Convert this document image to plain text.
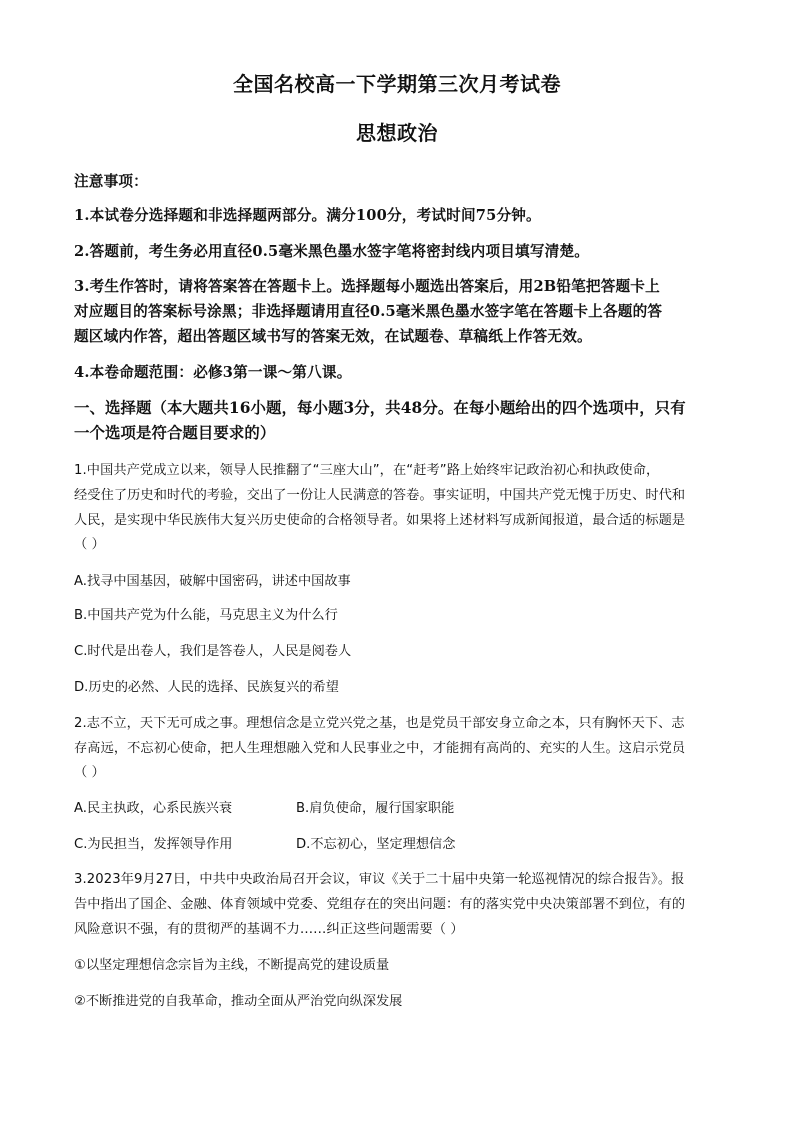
全国名校高一下学期第三次月考试卷
思想政治
注意事项：
1.本试卷分选择题和非选择题两部分。满分100分，考试时间75分钟。
2.答题前，考生务必用直径0.5毫米黑色墨水签字笔将密封线内项目填写清楚。
3.考生作答时，请将答案答在答题卡上。选择题每小题选出答案后，用2B铅笔把答题卡上
对应题目的答案标号涂黑；非选择题请用直径0.5毫米黑色墨水签字笔在答题卡上各题的答
题区域内作答，超出答题区域书写的答案无效，在试题卷、草稿纸上作答无效。
4.本卷命题范围：必修3第一课～第八课。
一、选择题（本大题共16小题，每小题3分，共48分。在每小题给出的四个选项中，只有
一个选项是符合题目要求的）
1.中国共产党成立以来，领导人民推翻了“三座大山”，在“赶考”路上始终牢记政治初心和执政使命，
经受住了历史和时代的考验，交出了一份让人民满意的答卷。事实证明，中国共产党无愧于历史、时代和
人民，是实现中华民族伟大复兴历史使命的合格领导者。如果将上述材料写成新闻报道，最合适的标题是
（ ）
A.找寻中国基因，破解中国密码，讲述中国故事
B.中国共产党为什么能，马克思主义为什么行
C.时代是出卷人，我们是答卷人，人民是阅卷人
D.历史的必然、人民的选择、民族复兴的希望
2.志不立，天下无可成之事。理想信念是立党兴党之基，也是党员干部安身立命之本，只有胸怀天下、志
存高远，不忘初心使命，把人生理想融入党和人民事业之中，才能拥有高尚的、充实的人生。这启示党员
（ ）
A.民主执政，心系民族兴衰	B.肩负使命，履行国家职能
C.为民担当，发挥领导作用	D.不忘初心，坚定理想信念
3.2023年9月27日，中共中央政治局召开会议，审议《关于二十届中央第一轮巡视情况的综合报告》。报
告中指出了国企、金融、体育领域中党委、党组存在的突出问题：有的落实党中央决策部署不到位，有的
风险意识不强，有的贯彻严的基调不力……纠正这些问题需要（ ）
①以坚定理想信念宗旨为主线，不断提高党的建设质量
②不断推进党的自我革命，推动全面从严治党向纵深发展
